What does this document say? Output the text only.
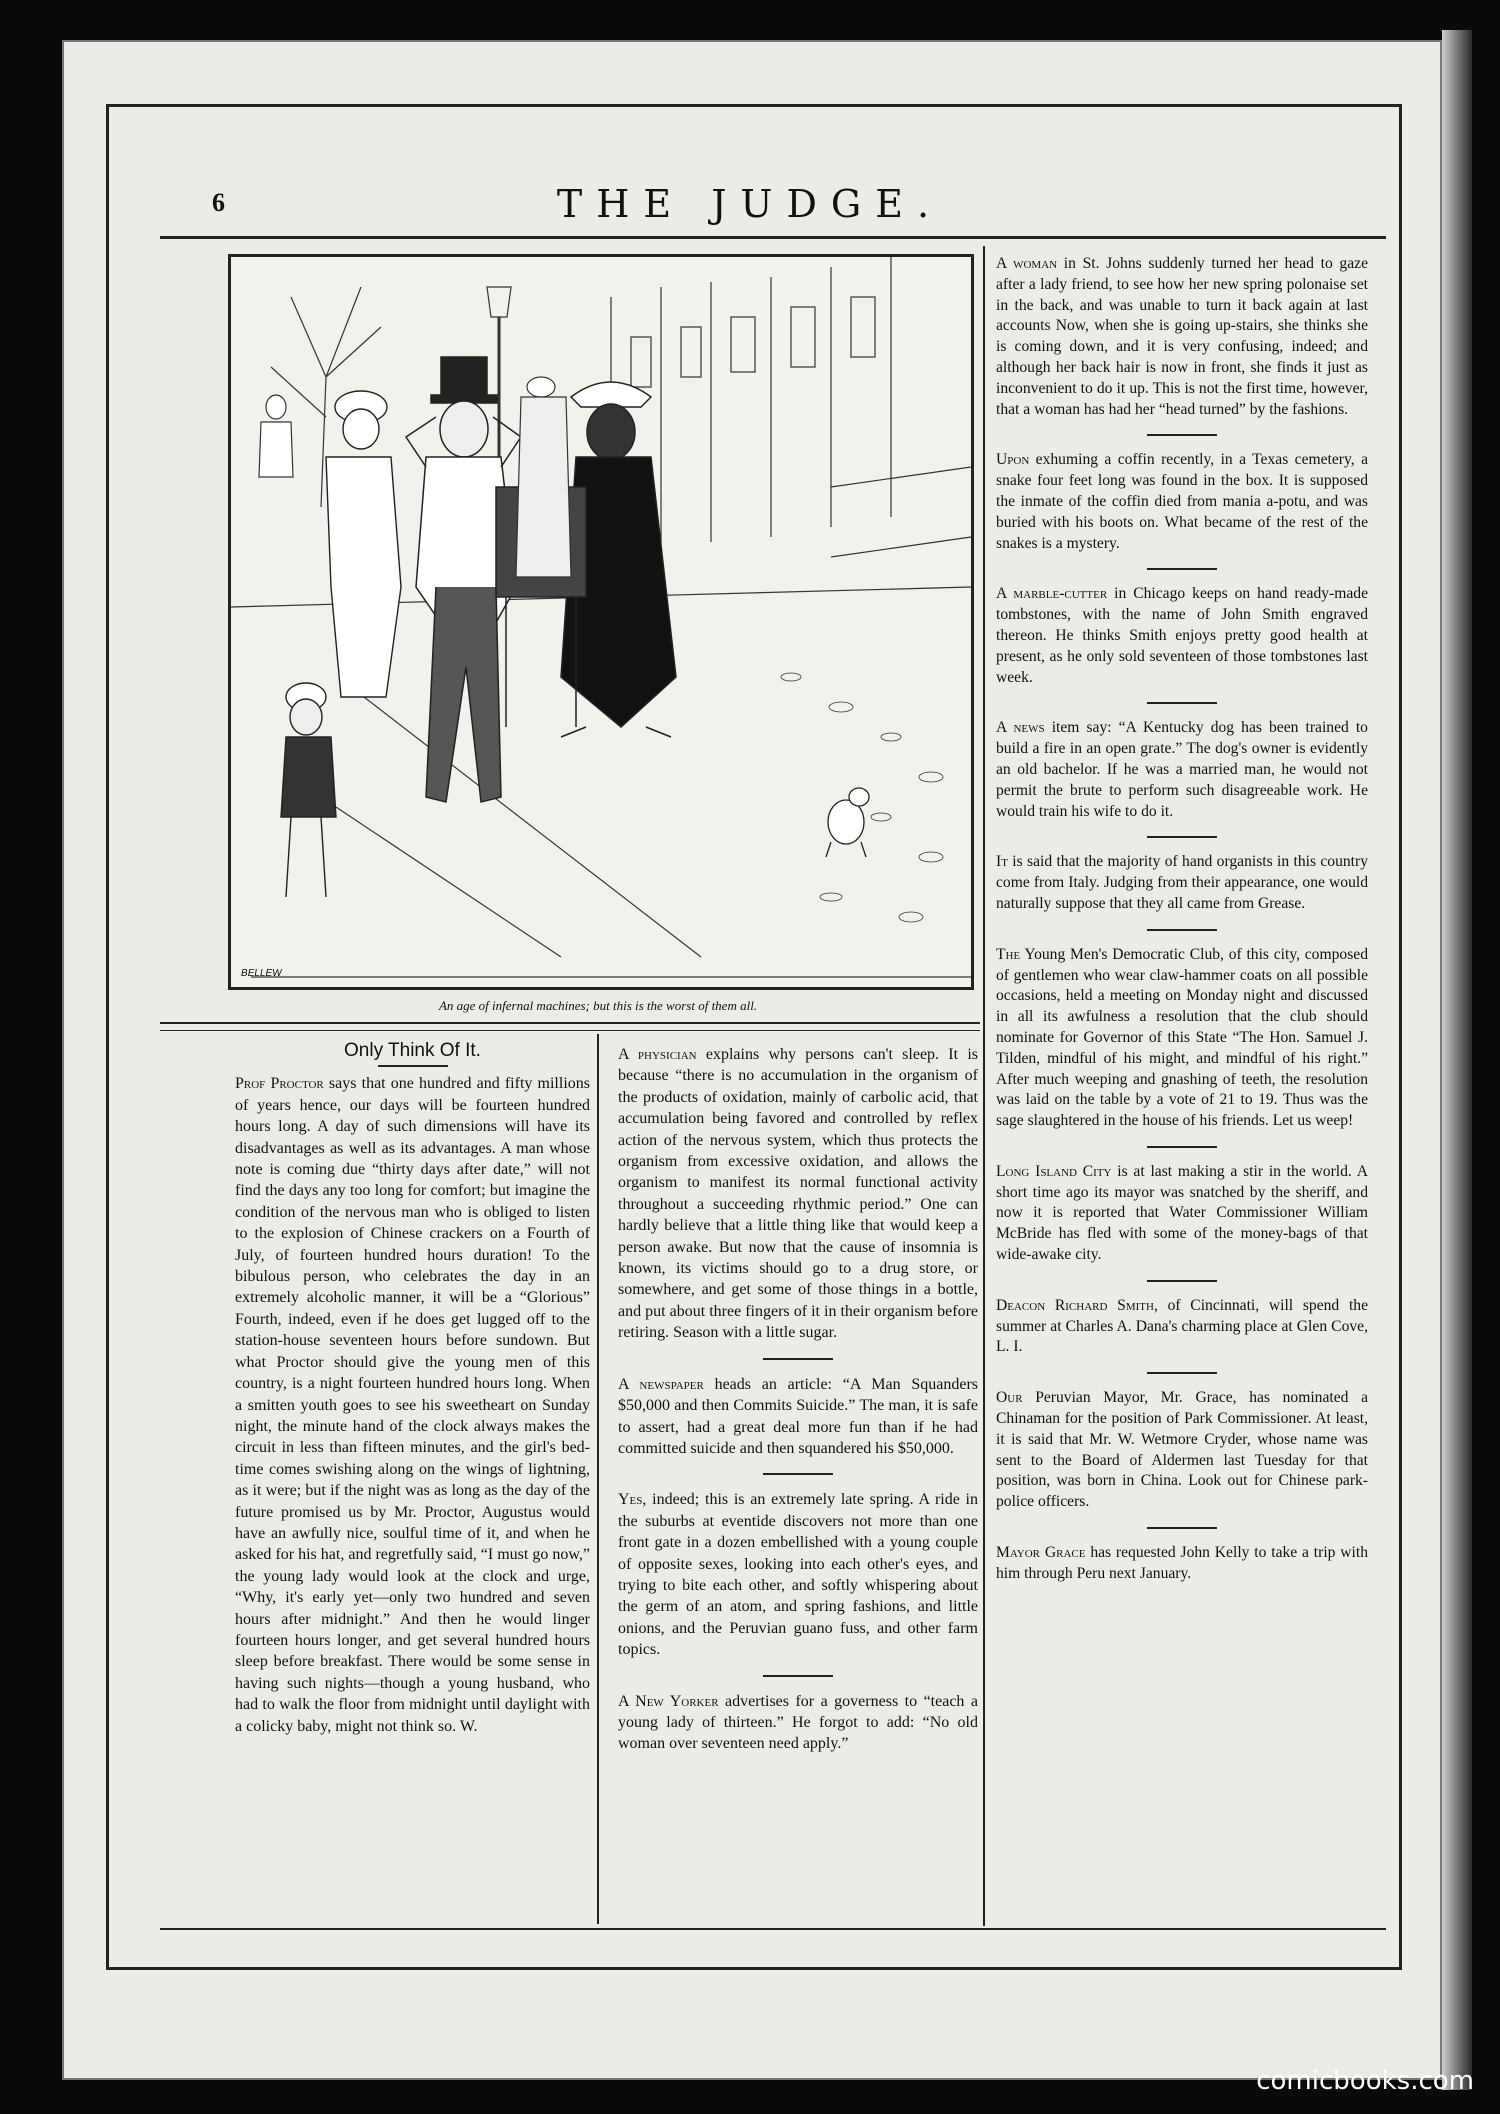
6	THE JUDGE.
BELLEW
An age of infernal machines; but this is the worst of them all.

Only Think Of It.

Prof Proctor says that one hundred and fifty millions of years hence, our days will be fourteen hundred hours long. A day of such dimensions will have its disadvantages as well as its advantages. A man whose note is coming due “thirty days after date,” will not find the days any too long for comfort; but imagine the condition of the nervous man who is obliged to listen to the explosion of Chinese crackers on a Fourth of July, of fourteen hundred hours duration! To the bibulous person, who celebrates the day in an extremely alcoholic manner, it will be a “Glorious” Fourth, indeed, even if he does get lugged off to the station-house seventeen hours before sundown. But what Proctor should give the young men of this country, is a night fourteen hundred hours long. When a smitten youth goes to see his sweetheart on Sunday night, the minute hand of the clock always makes the circuit in less than fifteen minutes, and the girl's bed-time comes swishing along on the wings of lightning, as it were; but if the night was as long as the day of the future promised us by Mr. Proctor, Augustus would have an awfully nice, soulful time of it, and when he asked for his hat, and regretfully said, “I must go now,” the young lady would look at the clock and urge, “Why, it's early yet—only two hundred and seven hours after midnight.” And then he would linger fourteen hours longer, and get several hundred hours sleep before breakfast. There would be some sense in having such nights—though a young husband, who had to walk the floor from midnight until daylight with a colicky baby, might not think so. W.

A physician explains why persons can't sleep. It is because “there is no accumulation in the organism of the products of oxidation, mainly of carbolic acid, that accumulation being favored and controlled by reflex action of the nervous system, which thus protects the organism from excessive oxidation, and allows the organism to manifest its normal functional activity throughout a succeeding rhythmic period.” One can hardly believe that a little thing like that would keep a person awake. But now that the cause of insomnia is known, its victims should go to a drug store, or somewhere, and get some of those things in a bottle, and put about three fingers of it in their organism before retiring. Season with a little sugar.

A newspaper heads an article: “A Man Squanders $50,000 and then Commits Suicide.” The man, it is safe to assert, had a great deal more fun than if he had committed suicide and then squandered his $50,000.

Yes, indeed; this is an extremely late spring. A ride in the suburbs at eventide discovers not more than one front gate in a dozen embellished with a young couple of opposite sexes, looking into each other's eyes, and trying to bite each other, and softly whispering about the germ of an atom, and spring fashions, and little onions, and the Peruvian guano fuss, and other farm topics.

A New Yorker advertises for a governess to “teach a young lady of thirteen.” He forgot to add: “No old woman over seventeen need apply.”

A woman in St. Johns suddenly turned her head to gaze after a lady friend, to see how her new spring polonaise set in the back, and was unable to turn it back again at last accounts Now, when she is going up-stairs, she thinks she is coming down, and it is very confusing, indeed; and although her back hair is now in front, she finds it just as inconvenient to do it up. This is not the first time, however, that a woman has had her “head turned” by the fashions.

Upon exhuming a coffin recently, in a Texas cemetery, a snake four feet long was found in the box. It is supposed the inmate of the coffin died from mania a-potu, and was buried with his boots on. What became of the rest of the snakes is a mystery.

A marble-cutter in Chicago keeps on hand ready-made tombstones, with the name of John Smith engraved thereon. He thinks Smith enjoys pretty good health at present, as he only sold seventeen of those tombstones last week.

A news item say: “A Kentucky dog has been trained to build a fire in an open grate.” The dog's owner is evidently an old bachelor. If he was a married man, he would not permit the brute to perform such disagreeable work. He would train his wife to do it.

It is said that the majority of hand organists in this country come from Italy. Judging from their appearance, one would naturally suppose that they all came from Grease.

The Young Men's Democratic Club, of this city, composed of gentlemen who wear claw-hammer coats on all possible occasions, held a meeting on Monday night and discussed in all its awfulness a resolution that the club should nominate for Governor of this State “The Hon. Samuel J. Tilden, mindful of his might, and mindful of his right.” After much weeping and gnashing of teeth, the resolution was laid on the table by a vote of 21 to 19. Thus was the sage slaughtered in the house of his friends. Let us weep!

Long Island City is at last making a stir in the world. A short time ago its mayor was snatched by the sheriff, and now it is reported that Water Commissioner William McBride has fled with some of the money-bags of that wide-awake city.

Deacon Richard Smith, of Cincinnati, will spend the summer at Charles A. Dana's charming place at Glen Cove, L. I.

Our Peruvian Mayor, Mr. Grace, has nominated a Chinaman for the position of Park Commissioner. At least, it is said that Mr. W. Wetmore Cryder, whose name was sent to the Board of Aldermen last Tuesday for that position, was born in China. Look out for Chinese park-police officers.

Mayor Grace has requested John Kelly to take a trip with him through Peru next January.

comicbooks.com
